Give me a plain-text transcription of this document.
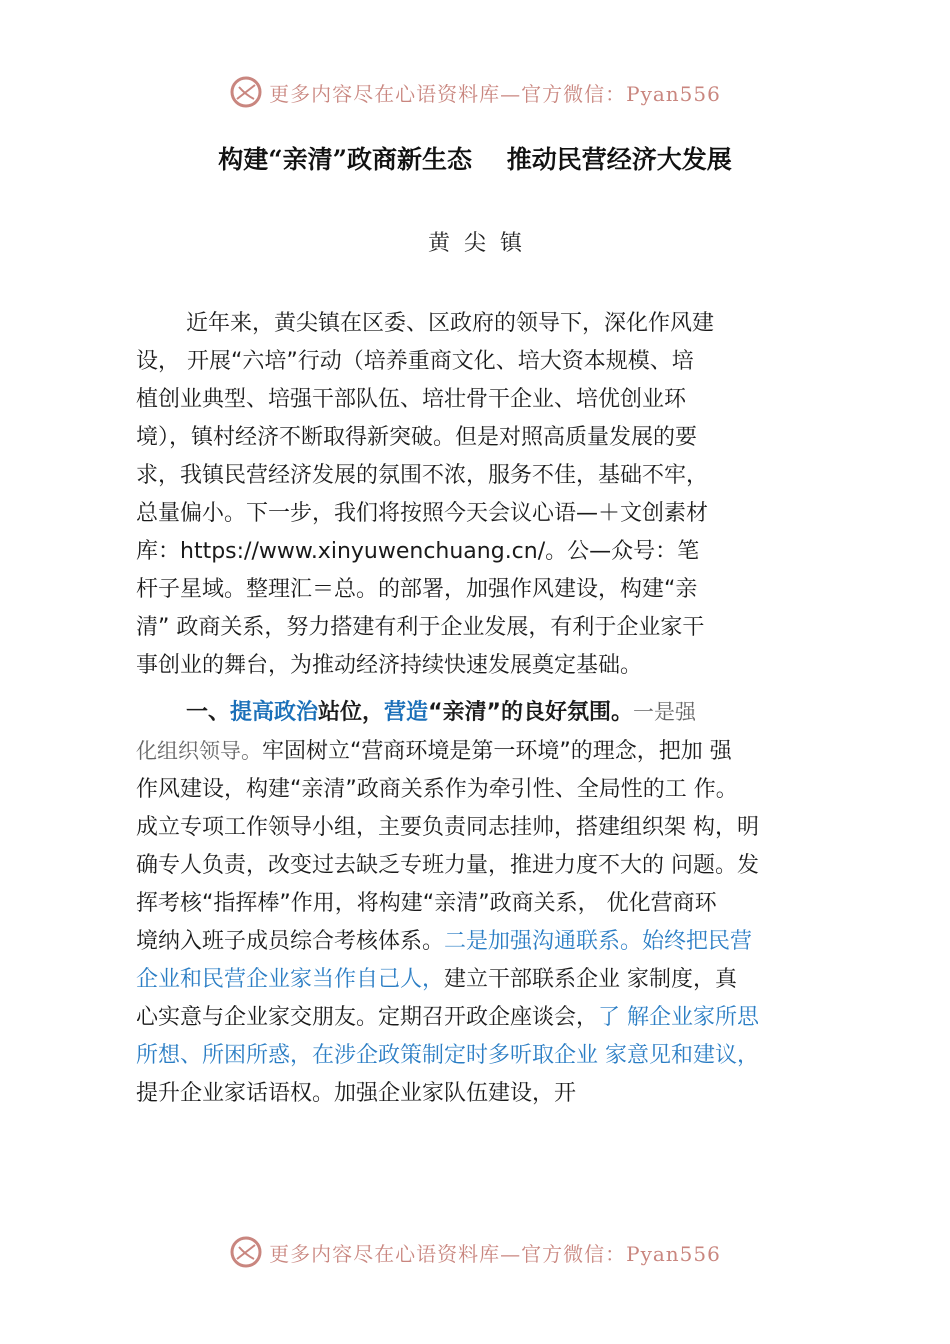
更多内容尽在心语资料库—官方微信：Pyan556
构建“亲清”政商新生态    推动民营经济大发展
黄尖镇
近年来，黄尖镇在区委、区政府的领导下，深化作风建
设， 开展“六培”行动（培养重商文化、培大资本规模、培
植创业典型、培强干部队伍、培壮骨干企业、培优创业环
境），镇村经济不断取得新突破。但是对照高质量发展的要
求，我镇民营经济发展的氛围不浓，服务不佳，基础不牢，
总量偏小。下一步，我们将按照今天会议心语—＋文创素材
库：https://www.xinyuwenchuang.cn/。公—众号：笔
杆子星域。整理汇＝总。的部署，加强作风建设，构建“亲
清” 政商关系，努力搭建有利于企业发展，有利于企业家干
事创业的舞台，为推动经济持续快速发展奠定基础。
一、提高政治站位，营造“亲清”的良好氛围。一是强
化组织领导。牢固树立“营商环境是第一环境”的理念，把加 强
作风建设，构建“亲清”政商关系作为牵引性、全局性的工 作。
成立专项工作领导小组，主要负责同志挂帅，搭建组织架 构，明
确专人负责，改变过去缺乏专班力量，推进力度不大的 问题。发
挥考核“指挥棒”作用，将构建“亲清”政商关系， 优化营商环
境纳入班子成员综合考核体系。二是加强沟通联系。始终把民营
企业和民营企业家当作自己人，建立干部联系企业 家制度，真
心实意与企业家交朋友。定期召开政企座谈会，了 解企业家所思
所想、所困所惑，在涉企政策制定时多听取企业 家意见和建议，
提升企业家话语权。加强企业家队伍建设，开
更多内容尽在心语资料库—官方微信：Pyan556
